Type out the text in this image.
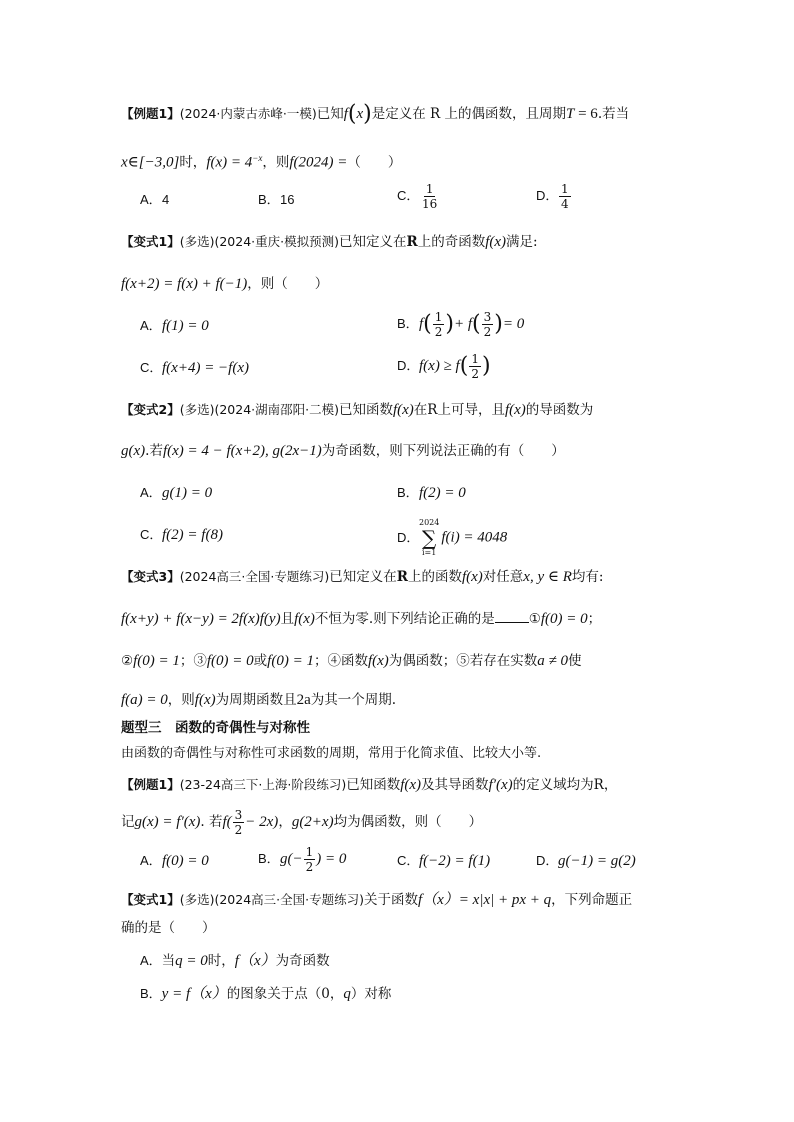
【例题1】(2024·内蒙古赤峰·一模)已知f(x)是定义在 R 上的偶函数，且周期T = 6.若当
x∈[−3,0]时，$f(x) = 4^{-x}$，则f(2024) =（　　）
A．4	B．16	C． $\frac{1}{16}$	D． $\frac{1}{4}$
【变式1】(多选)(2024·重庆·模拟预测)已知定义在R上的奇函数f(x)满足:
f(x+2) = f(x) + f(−1)，则（　　）
A．f(1) = 0	B．$f( \frac{1}{2}$ )+ $f( \frac{3}{2}$ )= 0
C．f(x+4) = −f(x)	D．$f(x) \ge f( \frac{1}{2}$ )
【变式2】(多选)(2024·湖南邵阳·二模)已知函数f(x)在R上可导，且f(x)的导函数为
g(x).若f(x) = 4 − f(x+2), g(2x−1)为奇函数，则下列说法正确的有（　　）
A．g(1) = 0	B．f(2) = 0
C．f(2) = f(8)	D．
2024
∑
i=1
f(i) = 4048
【变式3】(2024高三·全国·专题练习)已知定义在R上的函数f(x)对任意x, y ∈ R均有:
f(x+y) + f(x−y) = 2f(x)f(y)且f(x)不恒为零.则下列结论正确的是	①f(0) = 0；
②f(0) = 1；③f(0) = 0或f(0) = 1；④函数f(x)为偶函数；⑤若存在实数a ≠ 0使
f(a) = 0，则f(x)为周期函数且2a为其一个周期.
题型三　函数的奇偶性与对称性
由函数的奇偶性与对称性可求函数的周期，常用于化简求值、比较大小等.
【例题1】(23-24高三下·上海·阶段练习)已知函数f(x)及其导函数f′(x)的定义域均为R，
记g(x) = f′(x). 若$f( \frac{3}{2} - 2x)$，g(2+x)均为偶函数，则（　　）
A．f(0) = 0	B．$g(- \frac{1}{2}$ ) = 0	C．f(−2) = f(1)	D．g(−1) = g(2)
【变式1】(多选)(2024高三·全国·专题练习)关于函数f（x）= x|x| + px + q，下列命题正
确的是（　　）
A．当q = 0时，f（x）为奇函数
B．y = f（x）的图象关于点（0，q）对称
